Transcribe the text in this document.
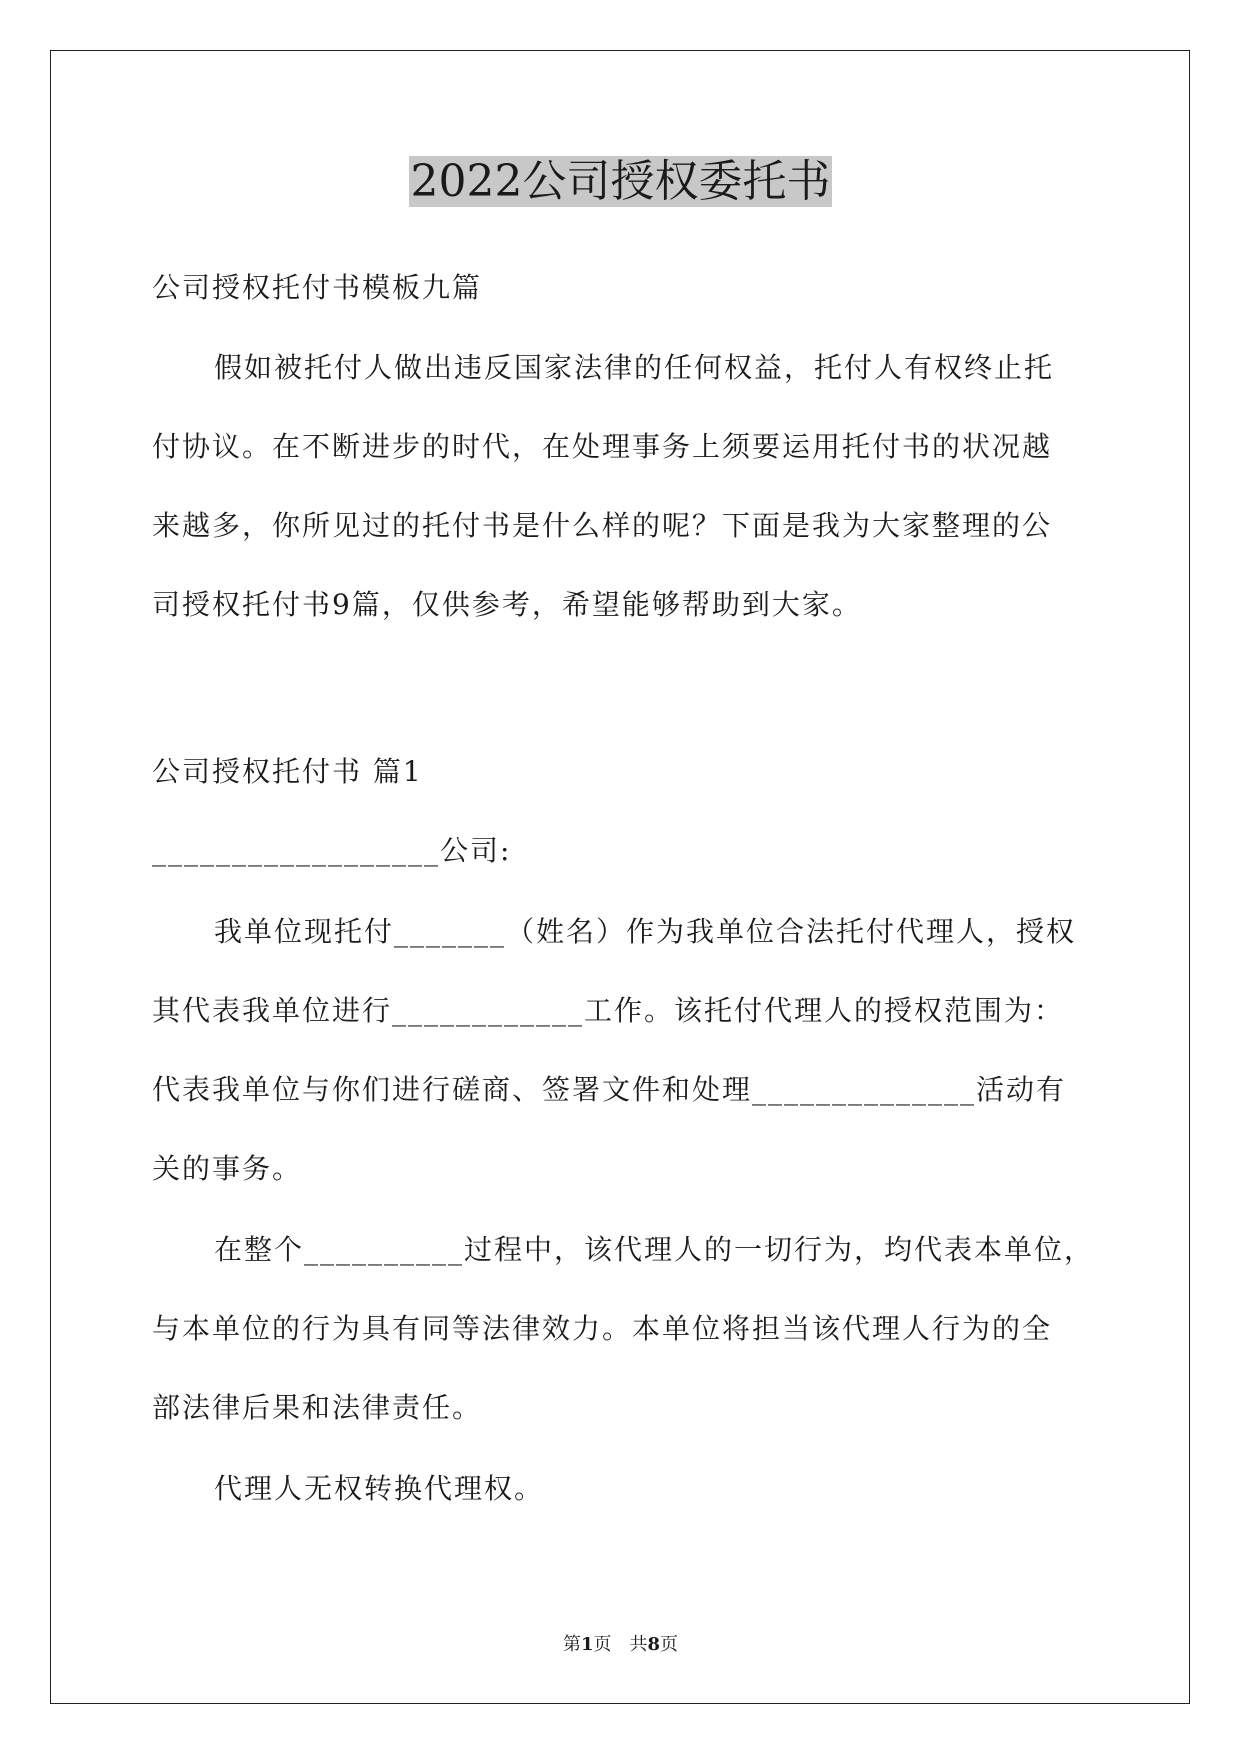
2022公司授权委托书
公司授权托付书模板九篇
假如被托付人做出违反国家法律的任何权益，托付人有权终止托
付协议。在不断进步的时代，在处理事务上须要运用托付书的状况越
来越多，你所见过的托付书是什么样的呢？下面是我为大家整理的公
司授权托付书9篇，仅供参考，希望能够帮助到大家。
公司授权托付书 篇1
__________________公司:
我单位现托付_______（姓名）作为我单位合法托付代理人，授权
其代表我单位进行____________工作。该托付代理人的授权范围为：
代表我单位与你们进行磋商、签署文件和处理______________活动有
关的事务。
在整个__________过程中，该代理人的一切行为，均代表本单位，
与本单位的行为具有同等法律效力。本单位将担当该代理人行为的全
部法律后果和法律责任。
代理人无权转换代理权。
第1页　共8页
